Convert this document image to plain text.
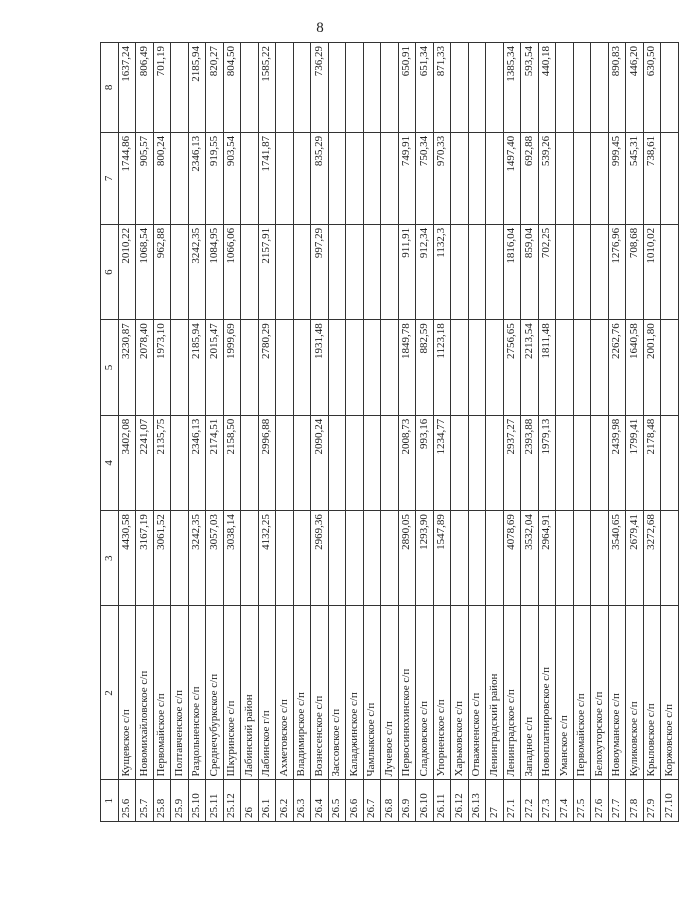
8
1	2	3	4	5	6	7	8
25.6	Кущевское с/п	4430,58	3402,08	3230,87	2010,22	1744,86	1637,24
25.7	Новомихайловское с/п	3167,19	2241,07	2078,40	1068,54	905,57	806,49
25.8	Первомайское с/п	3061,52	2135,75	1973,10	962,88	800,24	701,19
25.9	Полтавченское с/п						
25.10	Раздольненское с/п	3242,35	2346,13	2185,94	3242,35	2346,13	2185,94
25.11	Среднечубуркское с/п	3057,03	2174,51	2015,47	1084,95	919,55	820,27
25.12	Шкуринское с/п	3038,14	2158,50	1999,69	1066,06	903,54	804,50
26	Лабинский район						
26.1	Лабинское г/п	4132,25	2996,88	2780,29	2157,91	1741,87	1585,22
26.2	Ахметовское с/п						
26.3	Владимирское с/п						
26.4	Вознесенское с/п	2969,36	2090,24	1931,48	997,29	835,29	736,29
26.5	Зассовское с/п						
26.6	Каладжинское с/п						
26.7	Чамлыкское с/п						
26.8	Лучевое с/п						
26.9	Первосинюхинское с/п	2890,05	2008,73	1849,78	911,91	749,91	650,91
26.10	Сладковское с/п	1293,90	993,16	882,59	912,34	750,34	651,34
26.11	Упорненское с/п	1547,89	1234,77	1123,18	1132,3	970,33	871,33
26.12	Харьковское с/п						
26.13	Отважненское с/п						
27	Ленинградский район						
27.1	Ленинградское с/п	4078,69	2937,27	2756,65	1816,04	1497,40	1385,34
27.2	Западное с/п	3532,04	2393,88	2213,54	859,04	692,88	593,54
27.3	Новоплатнировское с/п	2964,91	1979,13	1811,48	702,25	539,26	440,18
27.4	Уманское с/п						
27.5	Первомайское с/п						
27.6	Белохуторское с/п						
27.7	Новоуманское с/п	3540,65	2439,98	2262,76	1276,96	999,45	890,83
27.8	Куликовское с/п	2679,41	1799,41	1640,58	708,68	545,31	446,20
27.9	Крыловское с/п	3272,68	2178,48	2001,80	1010,02	738,61	630,50
27.10	Коржовское с/п						
